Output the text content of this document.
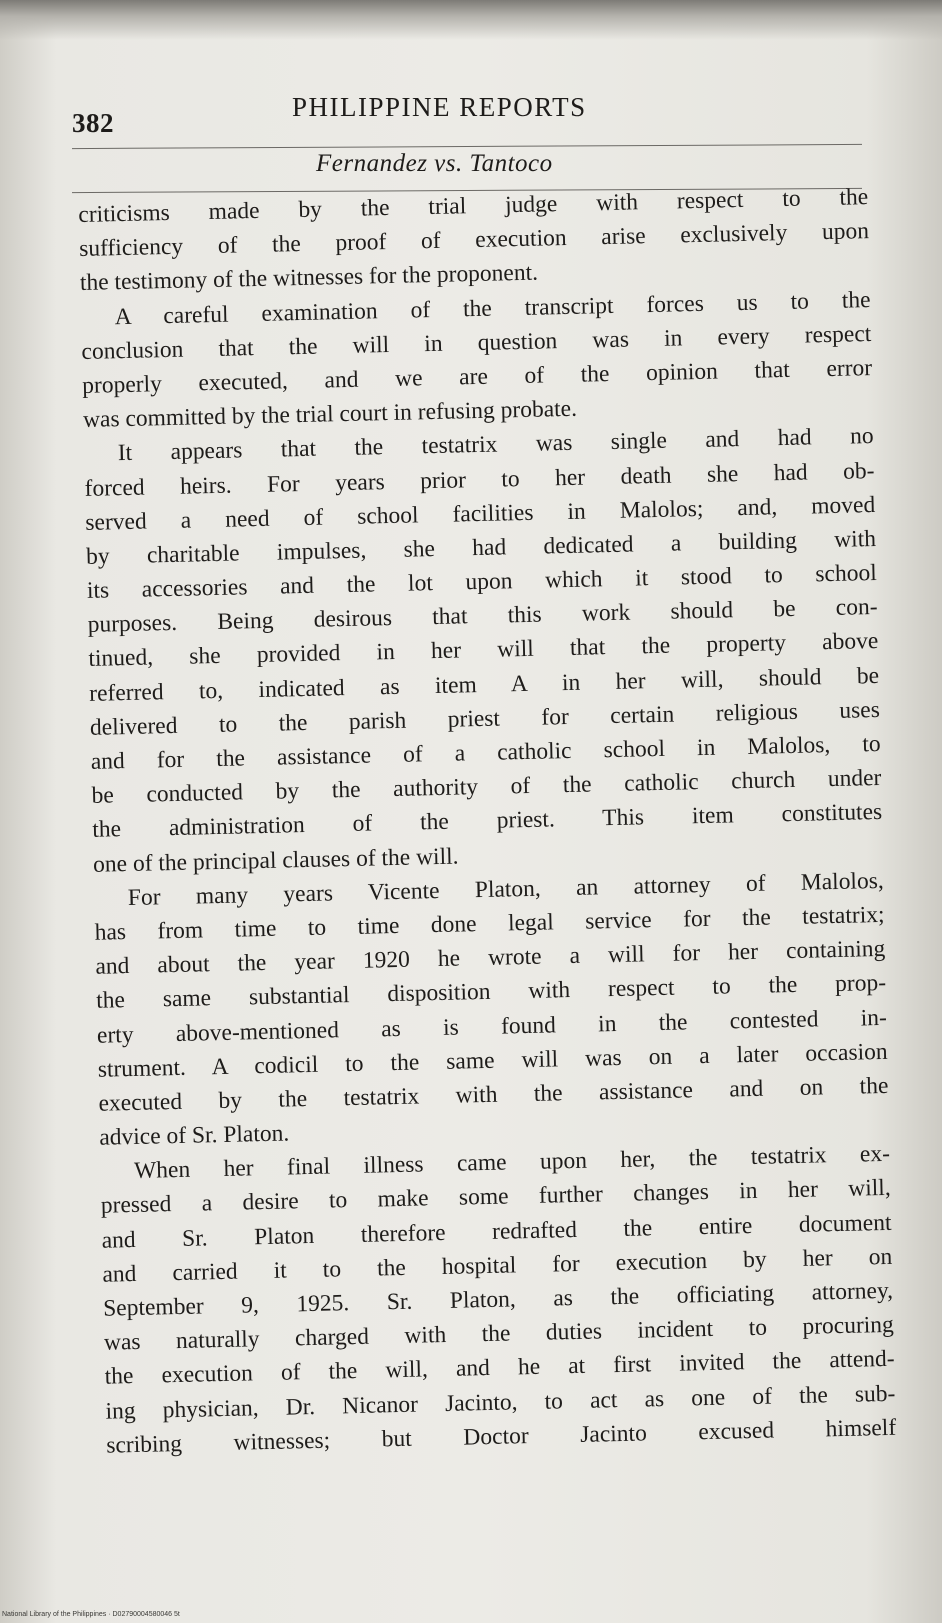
382
PHILIPPINE REPORTS
Fernandez vs. Tantoco
criticisms made by the trial judge with respect to the
sufficiency of the proof of execution arise exclusively upon
the testimony of the witnesses for the proponent.
A careful examination of the transcript forces us to the
conclusion that the will in question was in every respect
properly executed, and we are of the opinion that error
was committed by the trial court in refusing probate.
It appears that the testatrix was single and had no
forced heirs. For years prior to her death she had ob-
served a need of school facilities in Malolos; and, moved
by charitable impulses, she had dedicated a building with
its accessories and the lot upon which it stood to school
purposes. Being desirous that this work should be con-
tinued, she provided in her will that the property above
referred to, indicated as item A in her will, should be
delivered to the parish priest for certain religious uses
and for the assistance of a catholic school in Malolos, to
be conducted by the authority of the catholic church under
the administration of the priest. This item constitutes
one of the principal clauses of the will.
For many years Vicente Platon, an attorney of Malolos,
has from time to time done legal service for the testatrix;
and about the year 1920 he wrote a will for her containing
the same substantial disposition with respect to the prop-
erty above-mentioned as is found in the contested in-
strument. A codicil to the same will was on a later occasion
executed by the testatrix with the assistance and on the
advice of Sr. Platon.
When her final illness came upon her, the testatrix ex-
pressed a desire to make some further changes in her will,
and Sr. Platon therefore redrafted the entire document
and carried it to the hospital for execution by her on
September 9, 1925. Sr. Platon, as the officiating attorney,
was naturally charged with the duties incident to procuring
the execution of the will, and he at first invited the attend-
ing physician, Dr. Nicanor Jacinto, to act as one of the sub-
scribing witnesses; but Doctor Jacinto excused himself
National Library of the Philippines · D02790004580046 5t
